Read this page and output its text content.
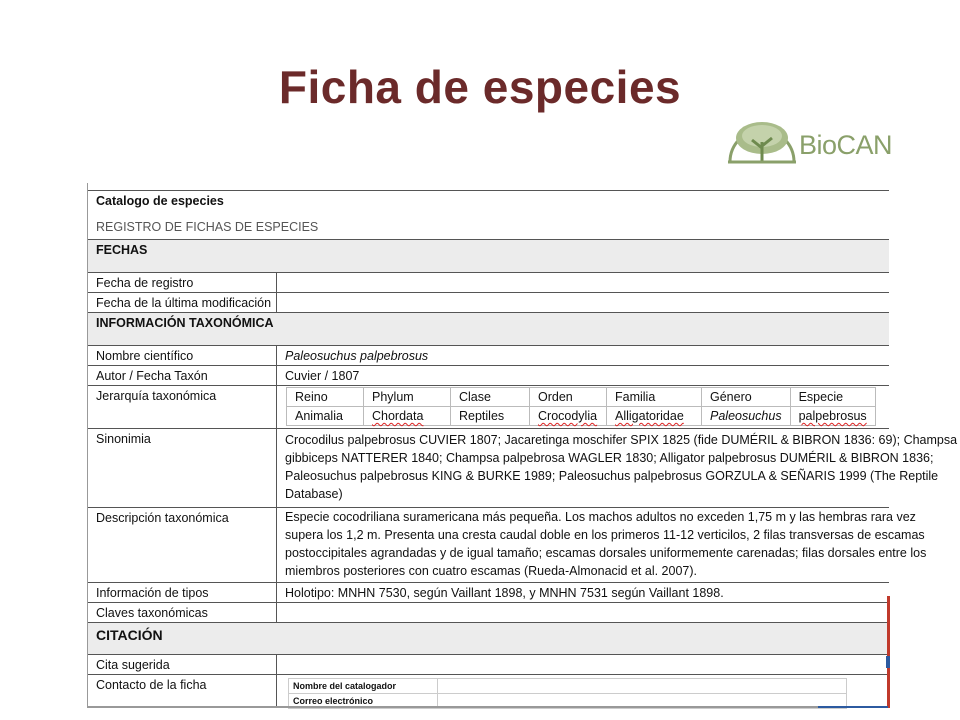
Ficha de especies
BioCAN
Catalogo de especies
REGISTRO DE FICHAS DE ESPECIES
FECHAS
Fecha de registro
Fecha de la última modificación
INFORMACIÓN TAXONÓMICA
Nombre científico	Paleosuchus palpebrosus
Autor / Fecha Taxón	Cuvier / 1807
Jerarquía taxonómica	Reino	Phylum	Clase	Orden	Familia	Género	Especie
Animalia	Chordata	Reptiles	Crocodylia	Alligatoridae	Paleosuchus	palpebrosus
Sinonimia	Crocodilus palpebrosus CUVIER 1807; Jacaretinga moschifer SPIX 1825 (fide DUMÉRIL & BIBRON 1836: 69); Champsa
gibbiceps NATTERER 1840; Champsa palpebrosa WAGLER 1830; Alligator palpebrosus DUMÉRIL & BIBRON 1836;
Paleosuchus palpebrosus KING & BURKE 1989; Paleosuchus palpebrosus GORZULA & SEÑARIS 1999 (The Reptile
Database)
Descripción taxonómica	Especie cocodriliana suramericana más pequeña. Los machos adultos no exceden 1,75 m y las hembras rara vez
supera los 1,2 m. Presenta una cresta caudal doble en los primeros 11-12 verticilos, 2 filas transversas de escamas
postoccipitales agrandadas y de igual tamaño; escamas dorsales uniformemente carenadas; filas dorsales entre los
miembros posteriores con cuatro escamas (Rueda-Almonacid et al. 2007).
Información de tipos	Holotipo: MNHN 7530, según Vaillant 1898, y MNHN 7531 según Vaillant 1898.
Claves taxonómicas
CITACIÓN
Cita sugerida
Contacto de la ficha	Nombre del catalogador	
Correo electrónico	
